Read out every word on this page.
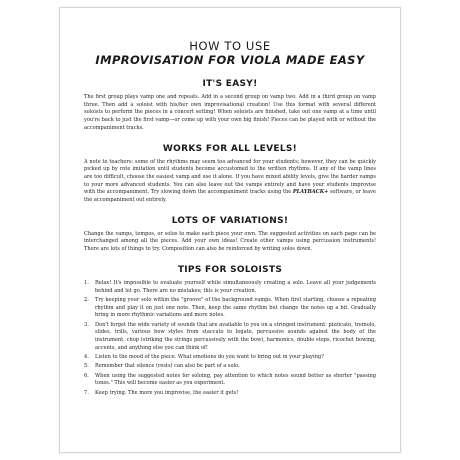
HOW TO USE
IMPROVISATION FOR VIOLA MADE EASY
IT'S EASY!

The first group plays vamp one and repeats. Add in a second group on vamp two. Add in a third group on vamp three. Then add a soloist with his/her own improvisational creation! Use this format with several different soloists to perform the pieces in a concert setting! When soloists are finished, take out one vamp at a time until you're back to just the first vamp—or come up with your own big finish! Pieces can be played with or without the accompaniment tracks.

WORKS FOR ALL LEVELS!

A note to teachers: some of the rhythms may seem too advanced for your students; however, they can be quickly picked up by rote imitation until students become accustomed to the written rhythms. If any of the vamp lines are too difficult, choose the easiest vamp and use it alone. If you have mixed ability levels, give the harder vamps to your more advanced students. You can also leave out the vamps entirely and have your students improvise with the accompaniment. Try slowing down the accompaniment tracks using the PLAYBACK+ software, or leave the accompaniment out entirely.

LOTS OF VARIATIONS!

Change the vamps, tempos, or solos to make each piece your own. The suggested activities on each page can be interchanged among all the pieces. Add your own ideas! Create other vamps using percussion instruments! There are lots of things to try. Composition can also be reinforced by writing solos down.

TIPS FOR SOLOISTS
1.	Relax! It's impossible to evaluate yourself while simultaneously creating a solo. Leave all your judgements behind and let go. There are no mistakes; this is your creation.
2.	Try keeping your solo within the "groove" of the background vamps. When first starting, choose a repeating rhythm and play it on just one note. Then, keep the same rhythm but change the notes up a bit. Gradually bring in more rhythmic variations and more notes.
3.	Don't forget the wide variety of sounds that are available to you on a stringed instrument: pizzicato, tremolo, slides, trills, various bow styles from staccato to legato, percussive sounds against the body of the instrument, chop (striking the strings percussively with the bow), harmonics, double stops, ricochet bowing, accents, and anything else you can think of!
4.	Listen to the mood of the piece. What emotions do you want to bring out in your playing?
5.	Remember that silence (rests) can also be part of a solo.
6.	When using the suggested notes for soloing, pay attention to which notes sound better as shorter "passing tones." This will become easier as you experiment.
7.	Keep trying. The more you improvise, the easier it gets!
